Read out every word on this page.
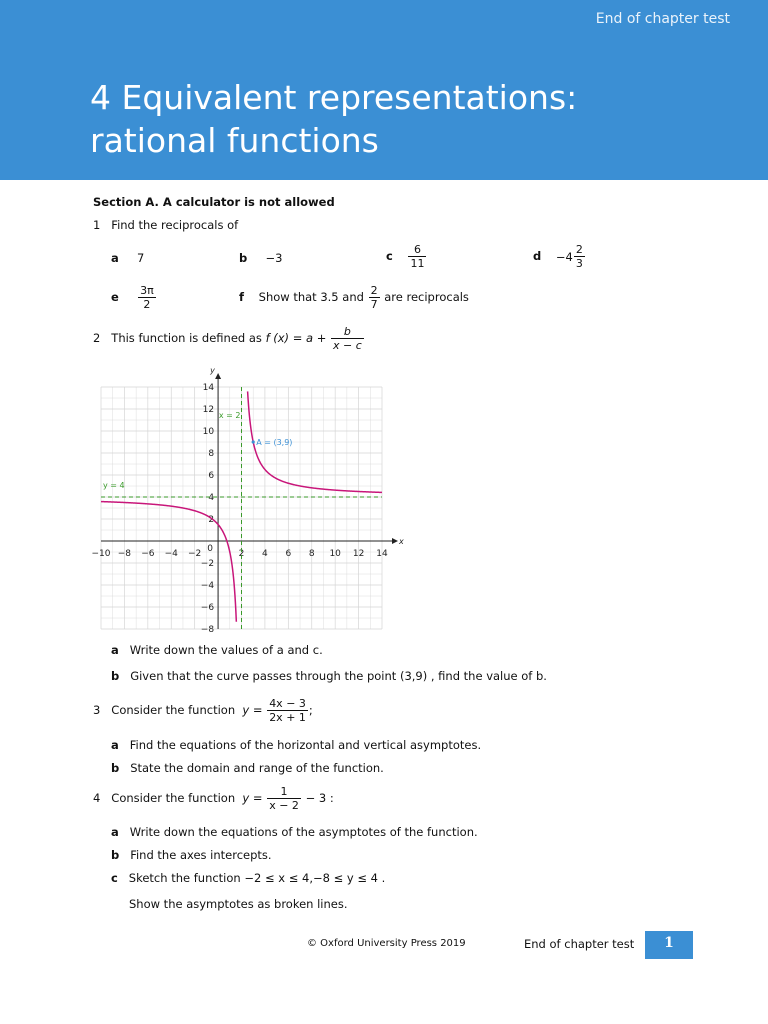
End of chapter test
4 Equivalent representations:
rational functions
Section A. A calculator is not allowed
1 Find the reciprocals of
a 7	b −3	c $\frac{6}{11}$	$d -4 \frac{2}{3}$
e $\frac{3\pi}{2}$	f Show that 3.5 and $\frac{2}{7}$ are reciprocals
2 This function is defined as f $(x) = a + \frac{b}{x - c}$
x
y
−10 −8 −6 −4 −2	2 4 6 8 10 12 14
14
12
10
8
6
4
2
−2
−4
−6
−8
0
x = 2
y = 4
A = (3,9)
a Write down the values of a and c.
b Given that the curve passes through the point (3,9) , find the value of b.
3 Consider the function $y = \frac{4x - 3}{2x + 1}$ ;
a Find the equations of the horizontal and vertical asymptotes.
b State the domain and range of the function.
4 Consider the function $y = \frac{1}{x - 2} - 3$ :
a Write down the equations of the asymptotes of the function.
b Find the axes intercepts.
c Sketch the function −2 ≤ x ≤ 4,−8 ≤ y ≤ 4 .
Show the asymptotes as broken lines.
© Oxford University Press 2019	End of chapter test	1
